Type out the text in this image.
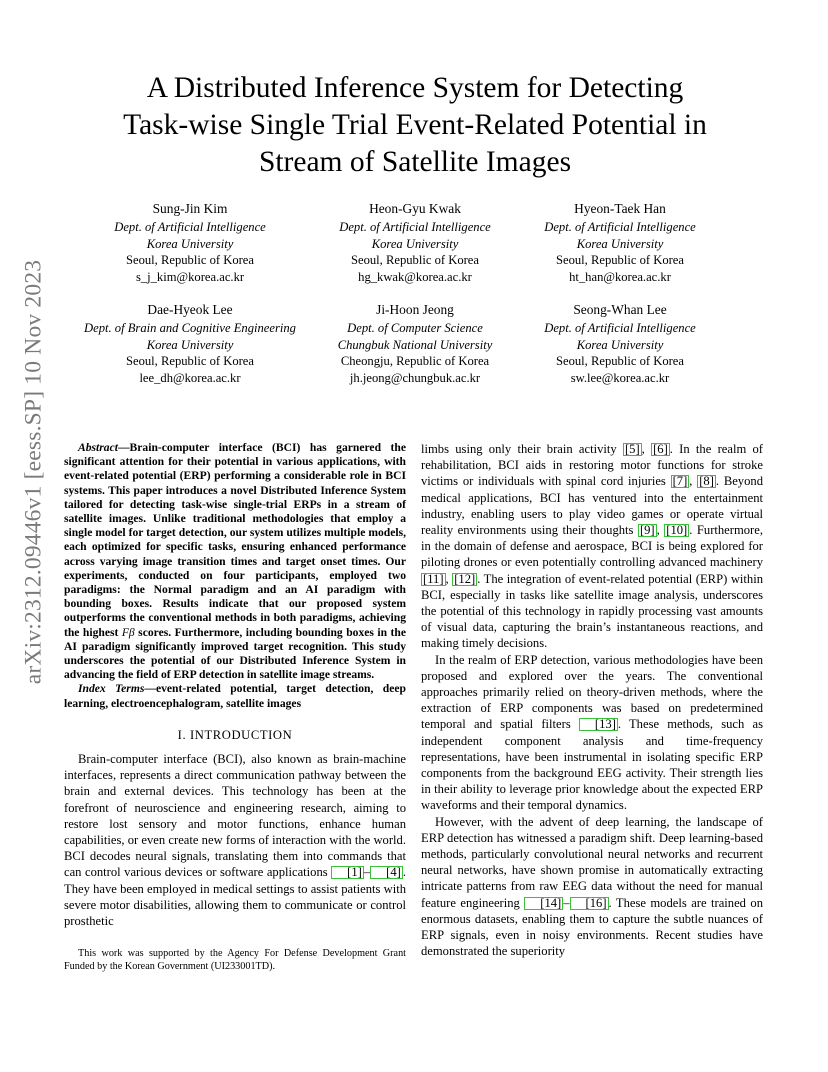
arXiv:2312.09446v1 [eess.SP] 10 Nov 2023
A Distributed Inference System for Detecting
Task-wise Single Trial Event-Related Potential in
Stream of Satellite Images
Sung-Jin Kim
Dept. of Artificial Intelligence
Korea University
Seoul, Republic of Korea
s_j_kim@korea.ac.kr
Heon-Gyu Kwak
Dept. of Artificial Intelligence
Korea University
Seoul, Republic of Korea
hg_kwak@korea.ac.kr
Hyeon-Taek Han
Dept. of Artificial Intelligence
Korea University
Seoul, Republic of Korea
ht_han@korea.ac.kr
Dae-Hyeok Lee
Dept. of Brain and Cognitive Engineering
Korea University
Seoul, Republic of Korea
lee_dh@korea.ac.kr
Ji-Hoon Jeong
Dept. of Computer Science
Chungbuk National University
Cheongju, Republic of Korea
jh.jeong@chungbuk.ac.kr
Seong-Whan Lee
Dept. of Artificial Intelligence
Korea University
Seoul, Republic of Korea
sw.lee@korea.ac.kr

Abstract—Brain-computer interface (BCI) has garnered the significant attention for their potential in various applications, with event-related potential (ERP) performing a considerable role in BCI systems. This paper introduces a novel Distributed Inference System tailored for detecting task-wise single-trial ERPs in a stream of satellite images. Unlike traditional methodologies that employ a single model for target detection, our system utilizes multiple models, each optimized for specific tasks, ensuring enhanced performance across varying image transition times and target onset times. Our experiments, conducted on four participants, employed two paradigms: the Normal paradigm and an AI paradigm with bounding boxes. Results indicate that our proposed system outperforms the conventional methods in both paradigms, achieving the highest Fβ scores. Furthermore, including bounding boxes in the AI paradigm significantly improved target recognition. This study underscores the potential of our Distributed Inference System in advancing the field of ERP detection in satellite image streams.

Index Terms—event-related potential, target detection, deep learning, electroencephalogram, satellite images

I. INTRODUCTION

Brain-computer interface (BCI), also known as brain-machine interfaces, represents a direct communication pathway between the brain and external devices. This technology has been at the forefront of neuroscience and engineering research, aiming to restore lost sensory and motor functions, enhance human capabilities, or even create new forms of interaction with the world. BCI decodes neural signals, translating them into commands that can control various devices or software applications [1] – [4] . They have been employed in medical settings to assist patients with severe motor disabilities, allowing them to communicate or control prosthetic

This work was supported by the Agency For Defense Development Grant Funded by the Korean Government (UI233001TD).

limbs using only their brain activity [5] , [6] . In the realm of rehabilitation, BCI aids in restoring motor functions for stroke victims or individuals with spinal cord injuries [7] , [8] . Beyond medical applications, BCI has ventured into the entertainment industry, enabling users to play video games or operate virtual reality environments using their thoughts [9] , [10] . Furthermore, in the domain of defense and aerospace, BCI is being explored for piloting drones or even potentially controlling advanced machinery [11] , [12] . The integration of event-related potential (ERP) within BCI, especially in tasks like satellite image analysis, underscores the potential of this technology in rapidly processing vast amounts of visual data, capturing the brain’s instantaneous reactions, and making timely decisions.

In the realm of ERP detection, various methodologies have been proposed and explored over the years. The conventional approaches primarily relied on theory-driven methods, where the extraction of ERP components was based on predetermined temporal and spatial filters [13] . These methods, such as independent component analysis and time-frequency representations, have been instrumental in isolating specific ERP components from the background EEG activity. Their strength lies in their ability to leverage prior knowledge about the expected ERP waveforms and their temporal dynamics.

However, with the advent of deep learning, the landscape of ERP detection has witnessed a paradigm shift. Deep learning-based methods, particularly convolutional neural networks and recurrent neural networks, have shown promise in automatically extracting intricate patterns from raw EEG data without the need for manual feature engineering [14] – [16] . These models are trained on enormous datasets, enabling them to capture the subtle nuances of ERP signals, even in noisy environments. Recent studies have demonstrated the superiority
